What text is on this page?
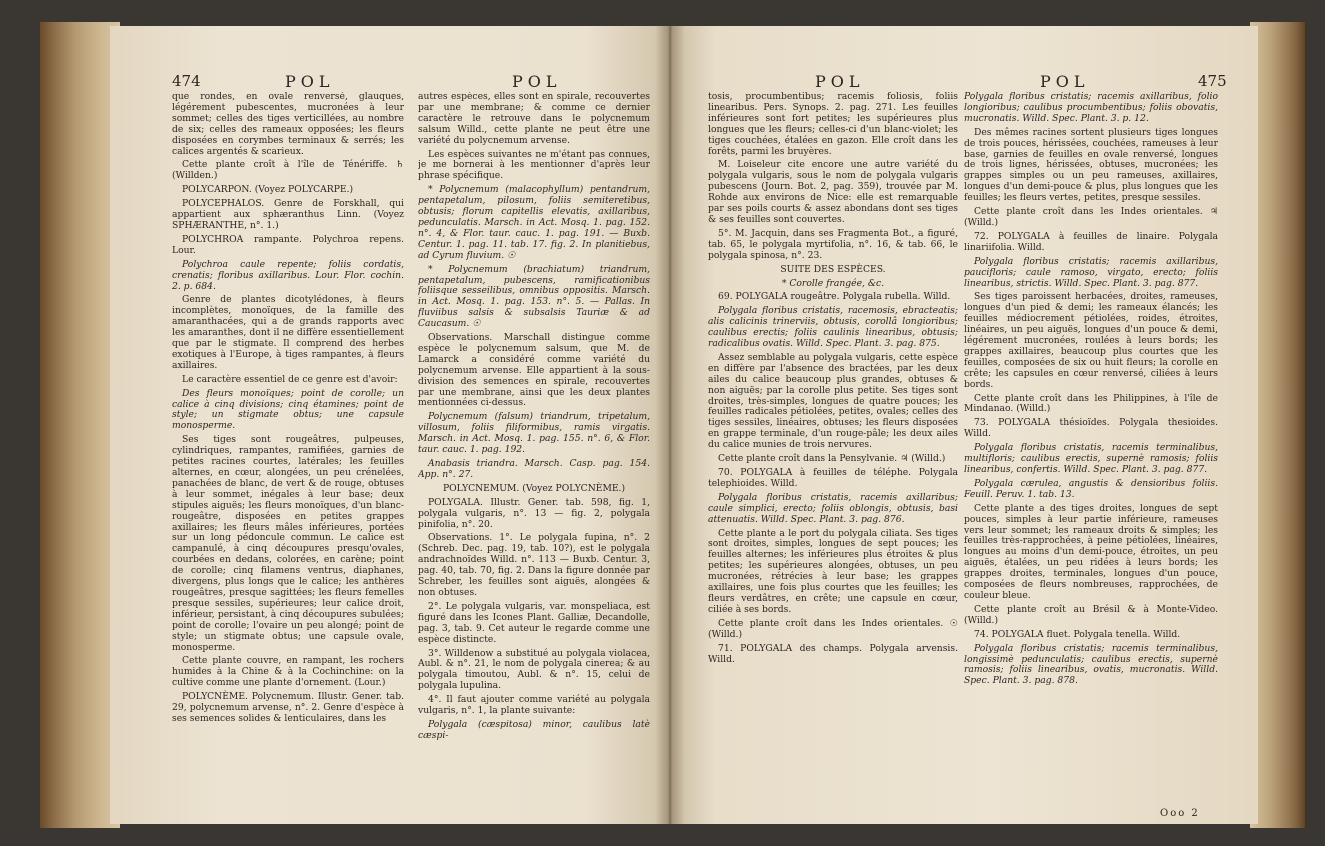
474	POL	POL	POL	POL	475

que rondes, en ovale renversé, glauques, légérement pubescentes, mucronées à leur sommet; celles des tiges verticillées, au nombre de six; celles des rameaux opposées; les fleurs disposées en corymbes terminaux & serrés; les calices argentés & scarieux.

Cette plante croît à l'île de Ténériffe. ♄ (Willden.)

POLYCARPON. (Voyez POLYCARPE.)

POLYCEPHALOS. Genre de Forskhall, qui appartient aux sphæranthus Linn. (Voyez SPHÆRANTHE, n°. 1.)

POLYCHROA rampante. Polychroa repens. Lour.

Polychroa caule repente; foliis cordatis, crenatis; floribus axillaribus. Lour. Flor. cochin. 2. p. 684.

Genre de plantes dicotylédones, à fleurs incomplètes, monoïques, de la famille des amaranthacées, qui a de grands rapports avec les amaranthes, dont il ne diffère essentiellement que par le stigmate. Il comprend des herbes exotiques à l'Europe, à tiges rampantes, à fleurs axillaires.

Le caractère essentiel de ce genre est d'avoir:

Des fleurs monoïques; point de corolle; un calice à cinq divisions; cinq étamines; point de style; un stigmate obtus; une capsule monosperme.

Ses tiges sont rougeâtres, pulpeuses, cylindriques, rampantes, ramifiées, garnies de petites racines courtes, latérales; les feuilles alternes, en cœur, alongées, un peu crénelées, panachées de blanc, de vert & de rouge, obtuses à leur sommet, inégales à leur base; deux stipules aiguës; les fleurs monoïques, d'un blanc-rougeâtre, disposées en petites grappes axillaires; les fleurs mâles inférieures, portées sur un long pédoncule commun. Le calice est campanulé, à cinq découpures presqu'ovales, courbées en dedans, colorées, en carène; point de corolle; cinq filamens ventrus, diaphanes, divergens, plus longs que le calice; les anthères rougeâtres, presque sagittées; les fleurs femelles presque sessiles, supérieures; leur calice droit, inférieur, persistant, à cinq découpures subulées; point de corolle; l'ovaire un peu alongé; point de style; un stigmate obtus; une capsule ovale, monosperme.

Cette plante couvre, en rampant, les rochers humides à la Chine & à la Cochinchine: on la cultive comme une plante d'ornement. (Lour.)

POLYCNÈME. Polycnemum. Illustr. Gener. tab. 29, polycnemum arvense, n°. 2. Genre d'espèce à ses semences solides & lenticulaires, dans les

autres espèces, elles sont en spirale, recouvertes par une membrane; & comme ce dernier caractère le retrouve dans le polycnemum salsum Willd., cette plante ne peut être une variété du polycnemum arvense.

Les espèces suivantes ne m'étant pas connues, je me bornerai à les mentionner d'après leur phrase spécifique.

* Polycnemum (malacophyllum) pentandrum, pentapetalum, pilosum, foliis semiteretibus, obtusis; florum capitellis elevatis, axillaribus, pedunculatis. Marsch. in Act. Mosq. 1. pag. 152. n°. 4, & Flor. taur. cauc. 1. pag. 191. — Buxb. Centur. 1. pag. 11. tab. 17. fig. 2. In planitiebus, ad Cyrum fluvium. ☉

* Polycnemum (brachiatum) triandrum, pentapetalum, pubescens, ramificationibus foliisque sesseilibus, omnibus oppositis. Marsch. in Act. Mosq. 1. pag. 153. n°. 5. — Pallas. In fluviibus salsis & subsalsis Tauriæ & ad Caucasum. ☉

Observations. Marschall distingue comme espèce le polycnemum salsum, que M. de Lamarck a considéré comme variété du polycnemum arvense. Elle appartient à la sous-division des semences en spirale, recouvertes par une membrane, ainsi que les deux plantes mentionnées ci-dessus.

Polycnemum (falsum) triandrum, tripetalum, villosum, foliis filiformibus, ramis virgatis. Marsch. in Act. Mosq. 1. pag. 155. n°. 6, & Flor. taur. cauc. 1. pag. 192.

Anabasis triandra. Marsch. Casp. pag. 154. App. n°. 27.

POLYCNEMUM. (Voyez POLYCNÈME.)

POLYGALA. Illustr. Gener. tab. 598, fig. 1, polygala vulgaris, n°. 13 — fig. 2, polygala pinifolia, n°. 20.

Observations. 1°. Le polygala fupina, n°. 2 (Schreb. Dec. pag. 19, tab. 10?), est le polygala andrachnoïdes Willd. n°. 113 — Buxb. Centur. 3, pag. 40, tab. 70, fig. 2. Dans la figure donnée par Schreber, les feuilles sont aiguës, alongées & non obtuses.

2°. Le polygala vulgaris, var. monspeliaca, est figuré dans les Icones Plant. Galliæ, Decandolle, pag. 3, tab. 9. Cet auteur le regarde comme une espèce distincte.

3°. Willdenow a substitué au polygala violacea, Aubl. & n°. 21, le nom de polygala cinerea; & au polygala timoutou, Aubl. & n°. 15, celui de polygala lupulina.

4°. Il faut ajouter comme variété au polygala vulgaris, n°. 1, la plante suivante:

Polygala (cæspitosa) minor, caulibus latè cæspi-

tosis, procumbentibus; racemis foliosis, foliis linearibus. Pers. Synops. 2. pag. 271. Les feuilles inférieures sont fort petites; les supérieures plus longues que les fleurs; celles-ci d'un blanc-violet; les tiges couchées, étalées en gazon. Elle croît dans les forêts, parmi les bruyères.

M. Loiseleur cite encore une autre variété du polygala vulgaris, sous le nom de polygala vulgaris pubescens (Journ. Bot. 2, pag. 359), trouvée par M. Rohde aux environs de Nice: elle est remarquable par ses poils courts & assez abondans dont ses tiges & ses feuilles sont couvertes.

5°. M. Jacquin, dans ses Fragmenta Bot., a figuré, tab. 65, le polygala myrtifolia, n°. 16, & tab. 66, le polygala spinosa, n°. 23.

SUITE DES ESPÈCES.

* Corolle frangée, &c.

69. POLYGALA rougeâtre. Polygala rubella. Willd.

Polygala floribus cristatis, racemosis, ebracteatis; alis calicinis trinerviis, obtusis, corollâ longioribus; caulibus erectis; foliis caulinis linearibus, obtusis; radicalibus ovatis. Willd. Spec. Plant. 3. pag. 875.

Assez semblable au polygala vulgaris, cette espèce en diffère par l'absence des bractées, par les deux ailes du calice beaucoup plus grandes, obtuses & non aiguës; par la corolle plus petite. Ses tiges sont droites, très-simples, longues de quatre pouces; les feuilles radicales pétiolées, petites, ovales; celles des tiges sessiles, linéaires, obtuses; les fleurs disposées en grappe terminale, d'un rouge-pâle; les deux ailes du calice munies de trois nervures.

Cette plante croît dans la Pensylvanie. ♃ (Willd.)

70. POLYGALA à feuilles de téléphe. Polygala telephioides. Willd.

Polygala floribus cristatis, racemis axillaribus; caule simplici, erecto; foliis oblongis, obtusis, basi attenuatis. Willd. Spec. Plant. 3. pag. 876.

Cette plante a le port du polygala ciliata. Ses tiges sont droites, simples, longues de sept pouces; les feuilles alternes; les inférieures plus étroites & plus petites; les supérieures alongées, obtuses, un peu mucronées, rétrécies à leur base; les grappes axillaires, une fois plus courtes que les feuilles; les fleurs verdâtres, en crête; une capsule en cœur, ciliée à ses bords.

Cette plante croît dans les Indes orientales. ☉ (Willd.)

71. POLYGALA des champs. Polygala arvensis. Willd.

Polygala floribus cristatis; racemis axillaribus, folio longioribus; caulibus procumbentibus; foliis obovatis, mucronatis. Willd. Spec. Plant. 3. p. 12.

Des mêmes racines sortent plusieurs tiges longues de trois pouces, hérissées, couchées, rameuses à leur base, garnies de feuilles en ovale renversé, longues de trois lignes, hérissées, obtuses, mucronées; les grappes simples ou un peu rameuses, axillaires, longues d'un demi-pouce & plus, plus longues que les feuilles; les fleurs vertes, petites, presque sessiles.

Cette plante croît dans les Indes orientales. ♃ (Willd.)

72. POLYGALA à feuilles de linaire. Polygala linariifolia. Willd.

Polygala floribus cristatis; racemis axillaribus, paucifloris; caule ramoso, virgato, erecto; foliis linearibus, strictis. Willd. Spec. Plant. 3. pag. 877.

Ses tiges paroissent herbacées, droites, rameuses, longues d'un pied & demi; les rameaux élancés; les feuilles médiocrement pétiolées, roides, étroites, linéaires, un peu aiguës, longues d'un pouce & demi, légérement mucronées, roulées à leurs bords; les grappes axillaires, beaucoup plus courtes que les feuilles, composées de six ou huit fleurs; la corolle en crête; les capsules en cœur renversé, ciliées à leurs bords.

Cette plante croît dans les Philippines, à l'île de Mindanao. (Willd.)

73. POLYGALA thésioïdes. Polygala thesioides. Willd.

Polygala floribus cristatis, racemis terminalibus, multifloris; caulibus erectis, supernè ramosis; foliis linearibus, confertis. Willd. Spec. Plant. 3. pag. 877.

Polygala cærulea, angustis & densioribus foliis. Feuill. Peruv. 1. tab. 13.

Cette plante a des tiges droites, longues de sept pouces, simples à leur partie inférieure, rameuses vers leur sommet; les rameaux droits & simples; les feuilles très-rapprochées, à peine pétiolées, linéaires, longues au moins d'un demi-pouce, étroites, un peu aiguës, étalées, un peu ridées à leurs bords; les grappes droites, terminales, longues d'un pouce, composées de fleurs nombreuses, rapprochées, de couleur bleue.

Cette plante croît au Brésil & à Monte-Video. (Willd.)

74. POLYGALA fluet. Polygala tenella. Willd.

Polygala floribus cristatis; racemis terminalibus, longissimè pedunculatis; caulibus erectis, supernè ramosis; foliis linearibus, ovatis, mucronatis. Willd. Spec. Plant. 3. pag. 878.

Ooo 2
